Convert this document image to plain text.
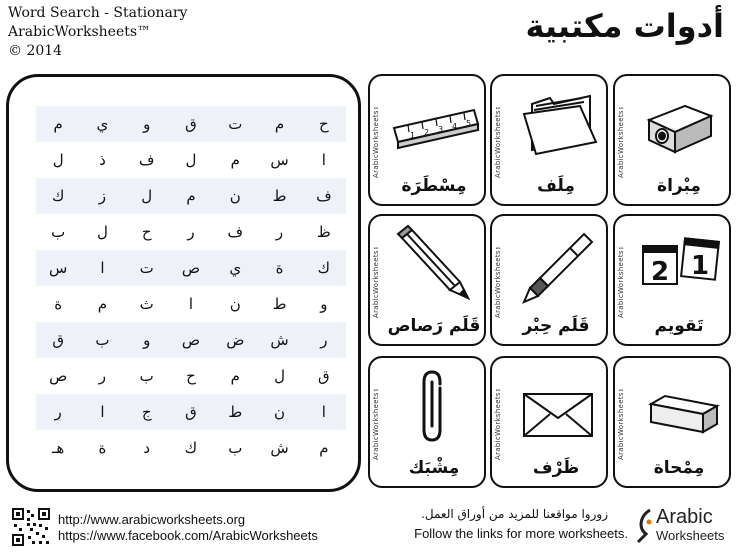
Word Search - Stationary
ArabicWorksheets™
© 2014
أدوات مكتبية
م	ي	و	ق	ت	م	ح
ل	ذ	ف	ل	م	س	ا
ك	ز	ل	م	ن	ط	ف
ب	ل	ح	ر	ف	ر	ظ
س	ا	ت	ص	ي	ة	ك
ة	م	ث	ا	ن	ط	و
ق	ب	و	ص	ض	ش	ر
ص	ر	ب	ح	م	ل	ق
ر	ا	ج	ق	ط	ن	ا
هـ	ة	د	ك	ب	ش	م
ArabicWorksheets™
مِبْراة
ArabicWorksheets™
مِلَف
ArabicWorksheets™	1 2 3 4 5
مِسْطَرَة
ArabicWorksheets™ 2 1
تَقويم
ArabicWorksheets™
قَلَم حِبْر
ArabicWorksheets™
قَلَم رَصاص
ArabicWorksheets™
مِمْحاة
ArabicWorksheets™
ظَرْف
ArabicWorksheets™
مِشْبَك
http://www.arabicworksheets.org
https://www.facebook.com/ArabicWorksheets
زوروا مواقعنا للمزيد من أوراق العمل.
Follow the links for more worksheets.
Arabic
Worksheets
